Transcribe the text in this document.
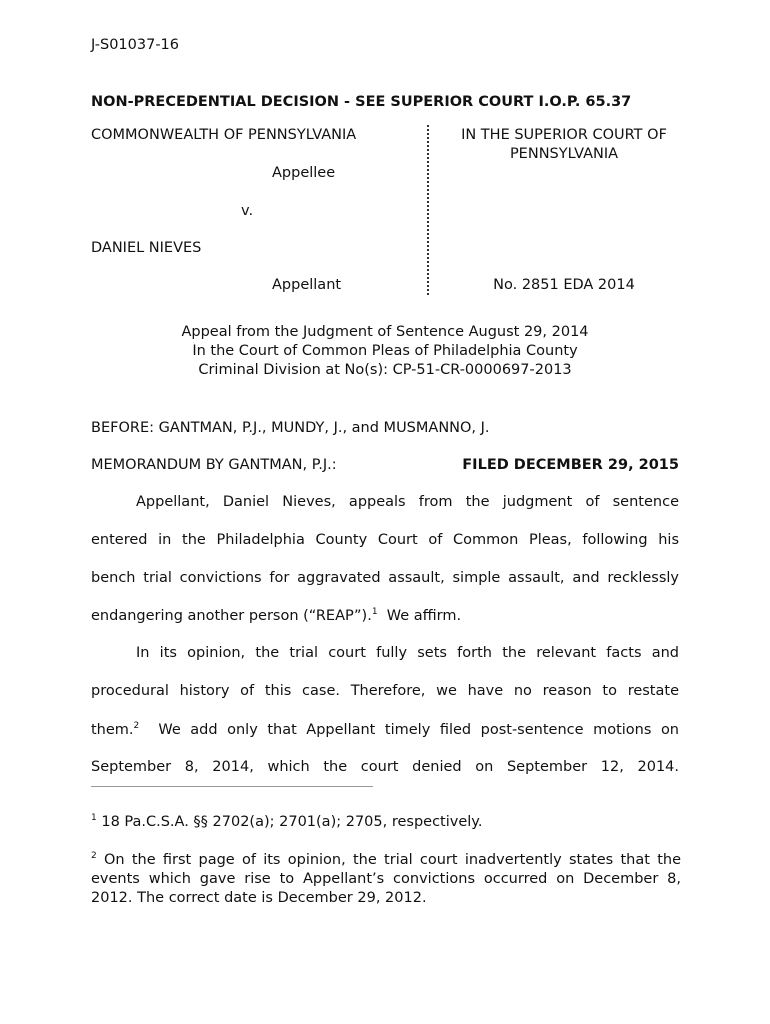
J-S01037-16
NON-PRECEDENTIAL DECISION - SEE SUPERIOR COURT I.O.P. 65.37
COMMONWEALTH OF PENNSYLVANIA
Appellee
v.
DANIEL NIEVES
Appellant
IN THE SUPERIOR COURT OF
PENNSYLVANIA
No. 2851 EDA 2014
Appeal from the Judgment of Sentence August 29, 2014
In the Court of Common Pleas of Philadelphia County
Criminal Division at No(s): CP-51-CR-0000697-2013
BEFORE: GANTMAN, P.J., MUNDY, J., and MUSMANNO, J.
MEMORANDUM BY GANTMAN, P.J.:	FILED DECEMBER 29, 2015
Appellant, Daniel Nieves, appeals from the judgment of sentence
entered in the Philadelphia County Court of Common Pleas, following his
bench trial convictions for aggravated assault, simple assault, and recklessly
endangering another person (“REAP”).$^1$  We affirm.
In its opinion, the trial court fully sets forth the relevant facts and
procedural history of this case. Therefore, we have no reason to restate
them.$^2$  We add only that Appellant timely filed post-sentence motions on
September 8, 2014, which the court denied on September 12, 2014.
$^1$ 18 Pa.C.S.A. §§ 2702(a); 2701(a); 2705, respectively.
$^2$ On the first page of its opinion, the trial court inadvertently states that the events which gave rise to Appellant’s convictions occurred on December 8, 2012. The correct date is December 29, 2012.
